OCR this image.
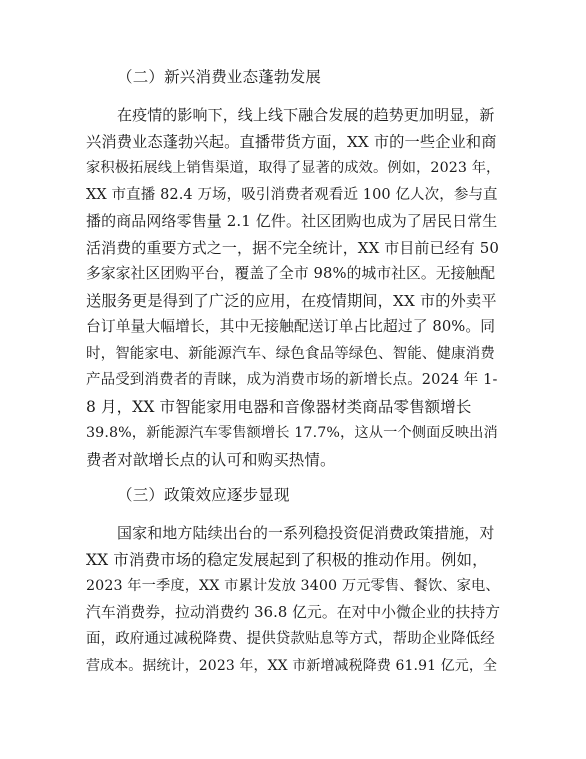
（二）新兴消费业态蓬勃发展
在疫情的影响下，线上线下融合发展的趋势更加明显，新
兴消费业态蓬勃兴起。直播带货方面，XX 市的一些企业和商
家积极拓展线上销售渠道，取得了显著的成效。例如，2023 年，
XX 市直播 82.4 万场，吸引消费者观看近 100 亿人次，参与直
播的商品网络零售量 2.1 亿件。社区团购也成为了居民日常生
活消费的重要方式之一，据不完全统计，XX 市目前已经有 50
多家家社区团购平台，覆盖了全市 98%的城市社区。无接触配
送服务更是得到了广泛的应用，在疫情期间，XX 市的外卖平
台订单量大幅增长，其中无接触配送订单占比超过了 80%。同
时，智能家电、新能源汽车、绿色食品等绿色、智能、健康消费
产品受到消费者的青睐，成为消费市场的新增长点。2024 年 1-
8 月，XX 市智能家用电器和音像器材类商品零售额增长
39.8%，新能源汽车零售额增长 17.7%，这从一个侧面反映出消
费者对歆增长点的认可和购买热情。
（三）政策效应逐步显现
国家和地方陆续出台的一系列稳投资促消费政策措施，对
XX 市消费市场的稳定发展起到了积极的推动作用。例如，
2023 年一季度，XX 市累计发放 3400 万元零售、餐饮、家电、
汽车消费券，拉动消费约 36.8 亿元。在对中小微企业的扶持方
面，政府通过减税降费、提供贷款贴息等方式，帮助企业降低经
营成本。据统计，2023 年，XX 市新增减税降费 61.91 亿元，全
